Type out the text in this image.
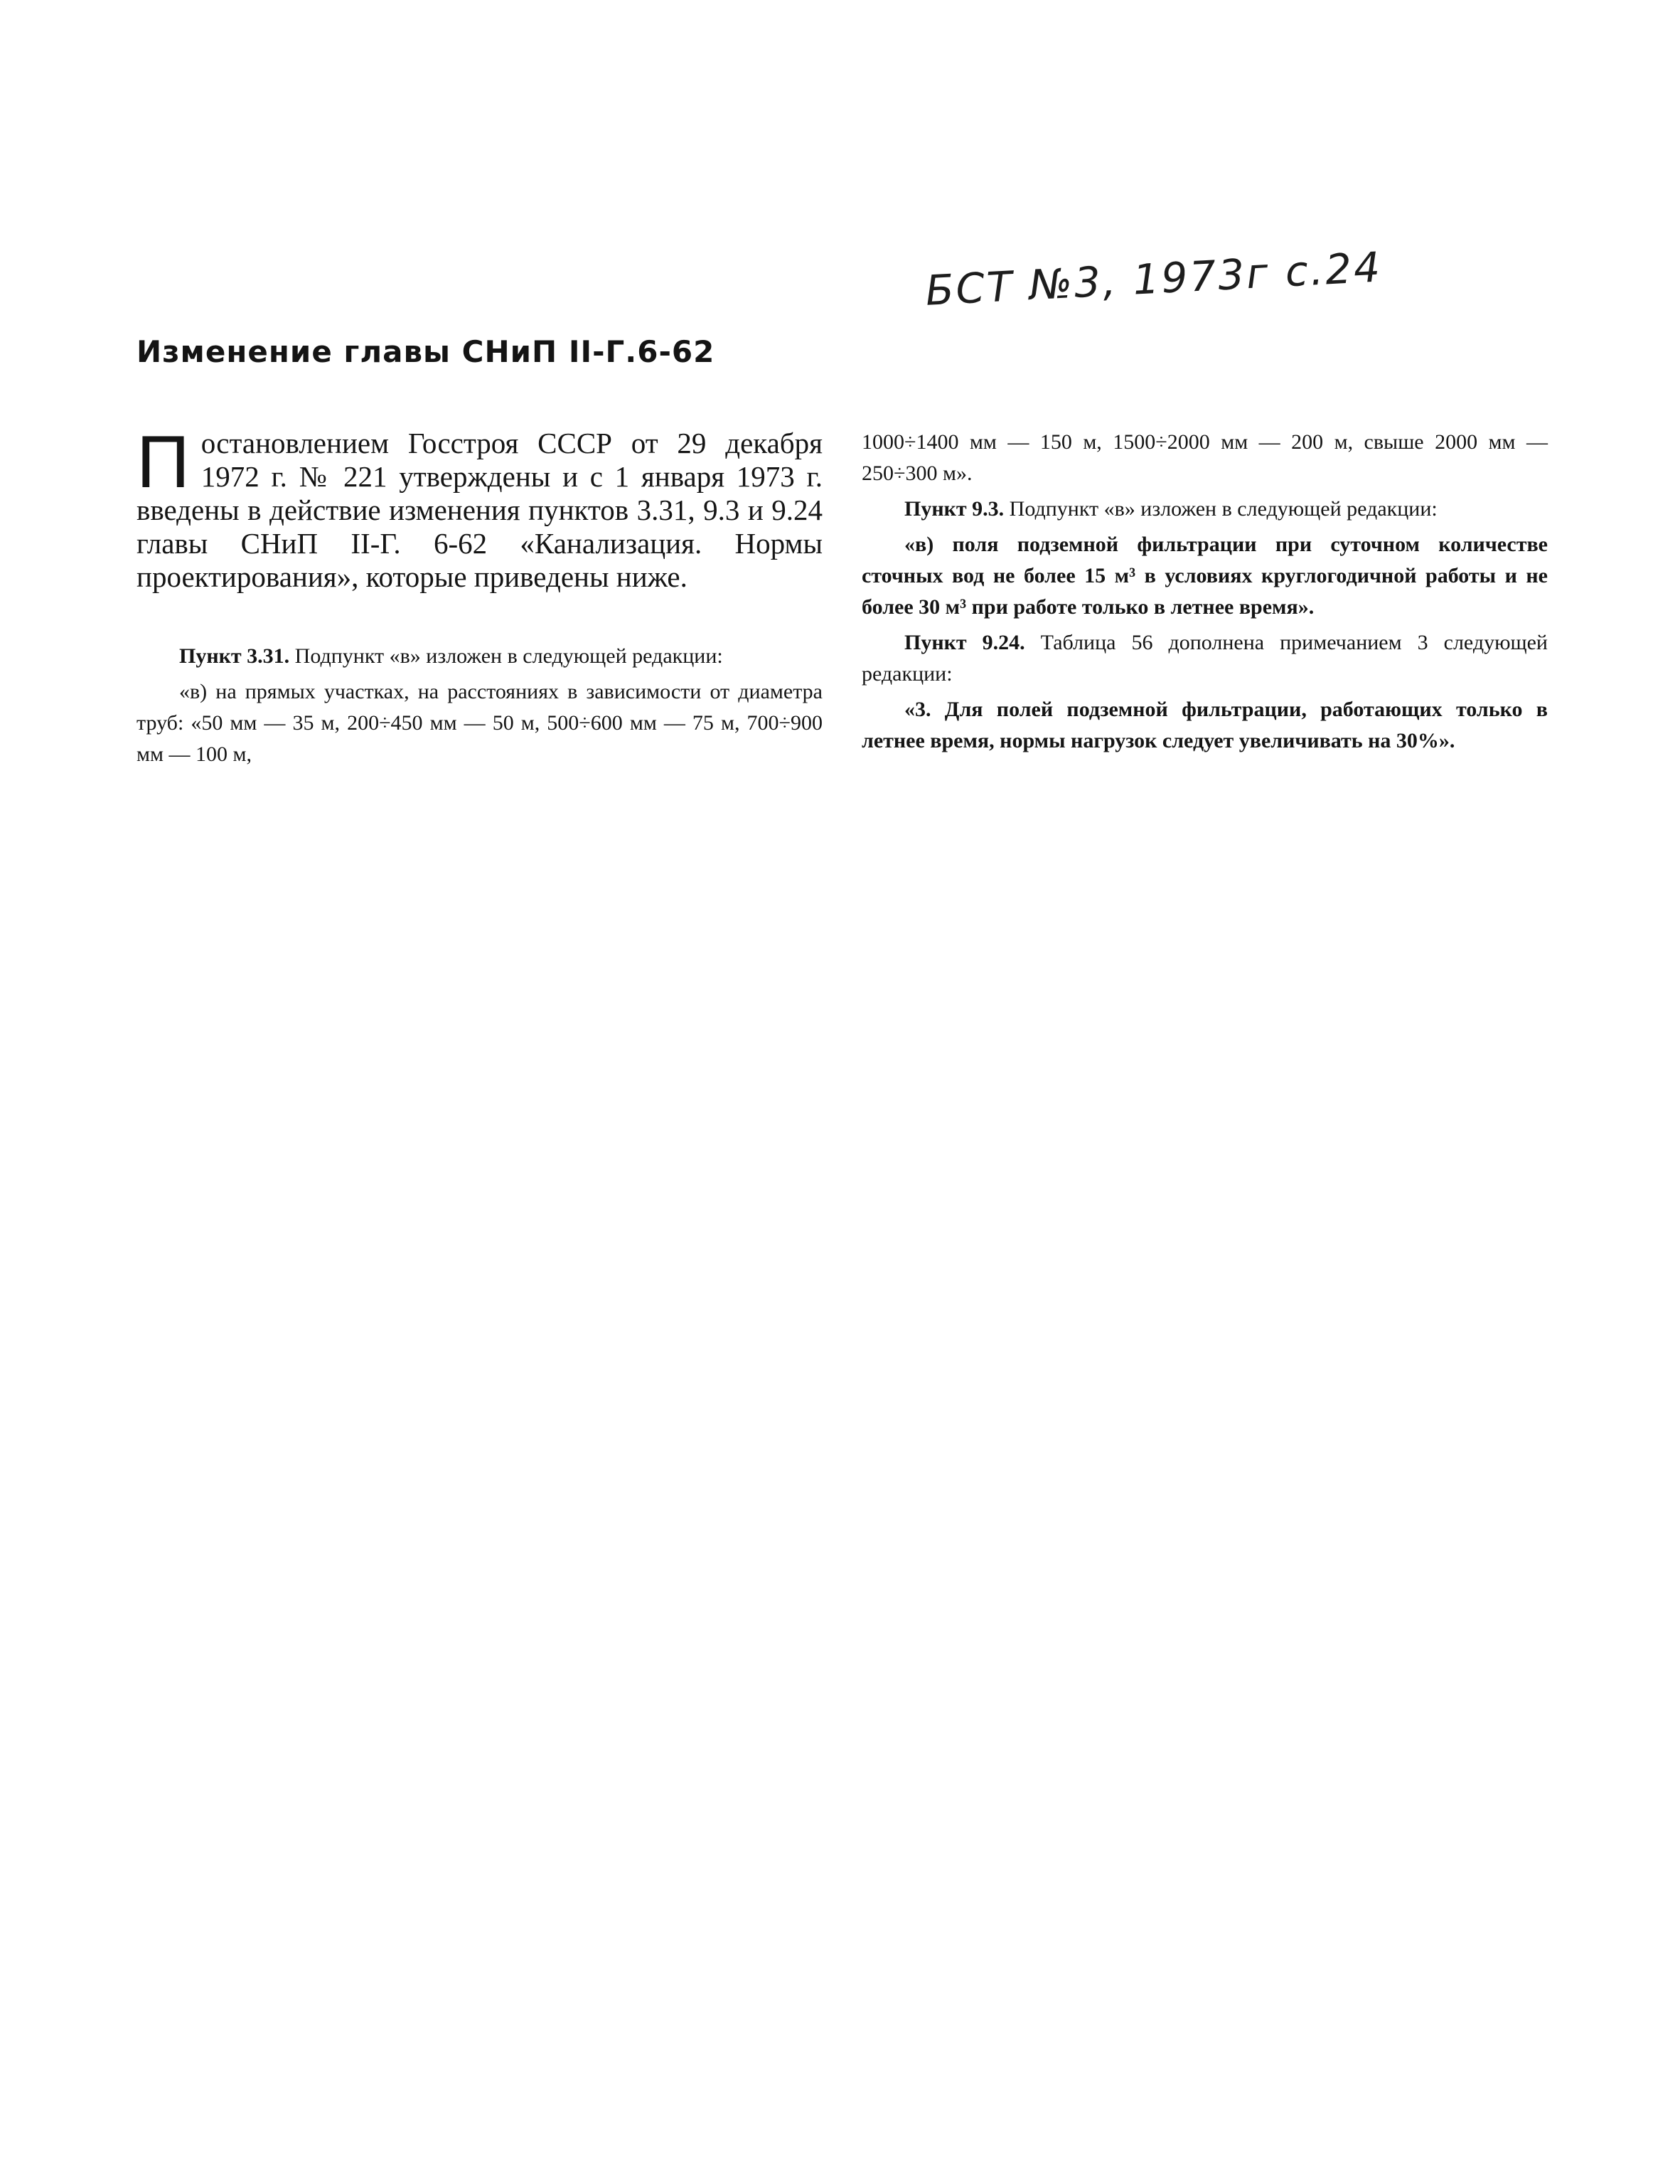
БСТ №3, 1973г с.24
Изменение главы СНиП II-Г.6-62

Постановлением Госстроя СССР от 29 декабря 1972 г. № 221 утверждены и с 1 января 1973 г. введены в действие изменения пунктов 3.31, 9.3 и 9.24 главы СНиП II-Г. 6-62 «Канализация. Нормы проектирования», которые приведены ниже.

Пункт 3.31. Подпункт «в» изложен в следующей редакции:

«в) на прямых участках, на расстояниях в зависимости от диаметра труб: «50 мм — 35 м, 200÷450 мм — 50 м, 500÷600 мм — 75 м, 700÷900 мм — 100 м,

1000÷1400 мм — 150 м, 1500÷2000 мм — 200 м, свыше 2000 мм — 250÷300 м».

Пункт 9.3. Подпункт «в» изложен в следующей редакции:

«в) поля подземной фильтрации при суточном количестве сточных вод не более 15 м³ в условиях круглогодичной работы и не более 30 м³ при работе только в летнее время».

Пункт 9.24. Таблица 56 дополнена примечанием 3 следующей редакции:

«3. Для полей подземной фильтрации, работающих только в летнее время, нормы нагрузок следует увеличивать на 30%».
